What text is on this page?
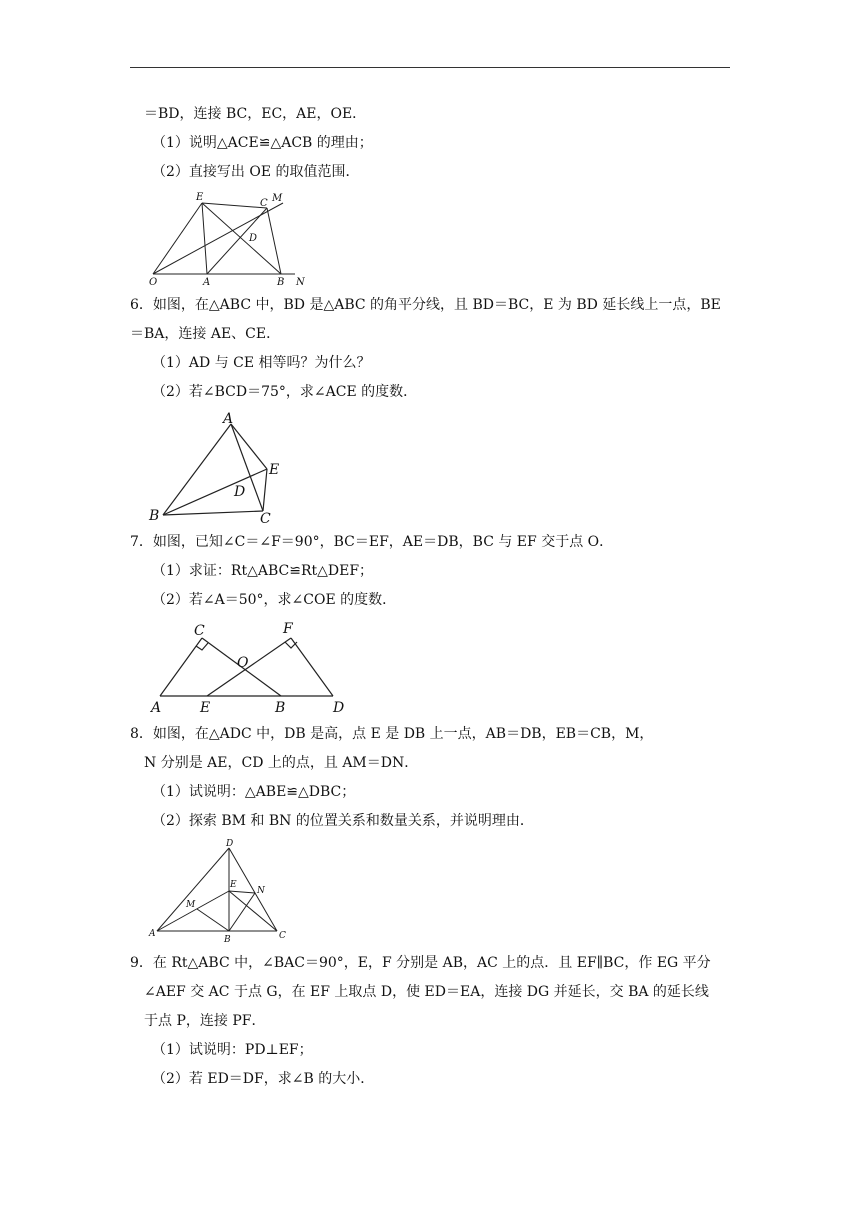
＝BD，连接 BC，EC，AE，OE．
（1）说明△ACE≌△ACB 的理由；
（2）直接写出 OE 的取值范围．
E
C M
D
O	A	B N
6．如图，在△ABC 中，BD 是△ABC 的角平分线，且 BD＝BC，E 为 BD 延长线上一点，BE
＝BA，连接 AE、CE．
（1）AD 与 CE 相等吗？为什么？
（2）若∠BCD＝75°，求∠ACE 的度数．
A
E
D
B	C
7．如图，已知∠C＝∠F＝90°，BC＝EF，AE＝DB，BC 与 EF 交于点 O．
（1）求证：Rt△ABC≌Rt△DEF；
（2）若∠A＝50°，求∠COE 的度数．
C	F
O
A	E	B	D
8．如图，在△ADC 中，DB 是高，点 E 是 DB 上一点，AB＝DB，EB＝CB，M，
N 分别是 AE，CD 上的点，且 AM＝DN．
（1）试说明：△ABE≌△DBC；
（2）探索 BM 和 BN 的位置关系和数量关系，并说明理由．
D
E
N
M
A
B	C
9．在 Rt△ABC 中，∠BAC＝90°，E，F 分别是 AB，AC 上的点．且 EF∥BC，作 EG 平分
∠AEF 交 AC 于点 G，在 EF 上取点 D，使 ED＝EA，连接 DG 并延长，交 BA 的延长线
于点 P，连接 PF．
（1）试说明：PD⊥EF；
（2）若 ED＝DF，求∠B 的大小．
